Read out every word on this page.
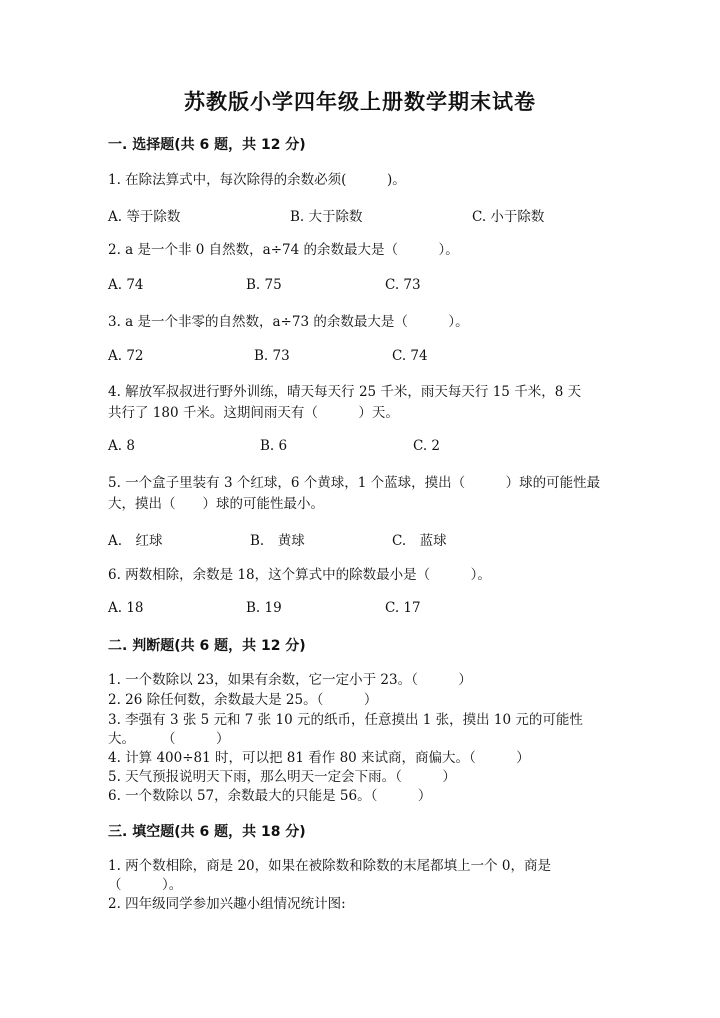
苏教版小学四年级上册数学期末试卷
一. 选择题(共 6 题，共 12 分)
1. 在除法算式中，每次除得的余数必须(　　　)。
A. 等于除数	B. 大于除数	C. 小于除数
2. a 是一个非 0 自然数，a÷74 的余数最大是（　　　）。
A. 74	B. 75	C. 73
3. a 是一个非零的自然数，a÷73 的余数最大是（　　　）。
A. 72	B. 73	C. 74
4. 解放军叔叔进行野外训练，晴天每天行 25 千米，雨天每天行 15 千米，8 天
共行了 180 千米。这期间雨天有（　　　）天。
A. 8	B. 6	C. 2
5. 一个盒子里装有 3 个红球，6 个黄球，1 个蓝球，摸出（　　　）球的可能性最
大，摸出（　　）球的可能性最小。
A.　红球	B.　黄球	C.　蓝球
6. 两数相除，余数是 18，这个算式中的除数最小是（　　　）。
A. 18	B. 19	C. 17
二. 判断题(共 6 题，共 12 分)
1. 一个数除以 23，如果有余数，它一定小于 23。（　　　）
2. 26 除任何数，余数最大是 25。（　　　）
3. 李强有 3 张 5 元和 7 张 10 元的纸币，任意摸出 1 张，摸出 10 元的可能性
大。　　　（　　　）
4. 计算 400÷81 时，可以把 81 看作 80 来试商，商偏大。（　　　）
5. 天气预报说明天下雨，那么明天一定会下雨。（　　　）
6. 一个数除以 57，余数最大的只能是 56。（　　　）
三. 填空题(共 6 题，共 18 分)
1. 两个数相除，商是 20，如果在被除数和除数的末尾都填上一个 0，商是
（　　　）。
2. 四年级同学参加兴趣小组情况统计图:
